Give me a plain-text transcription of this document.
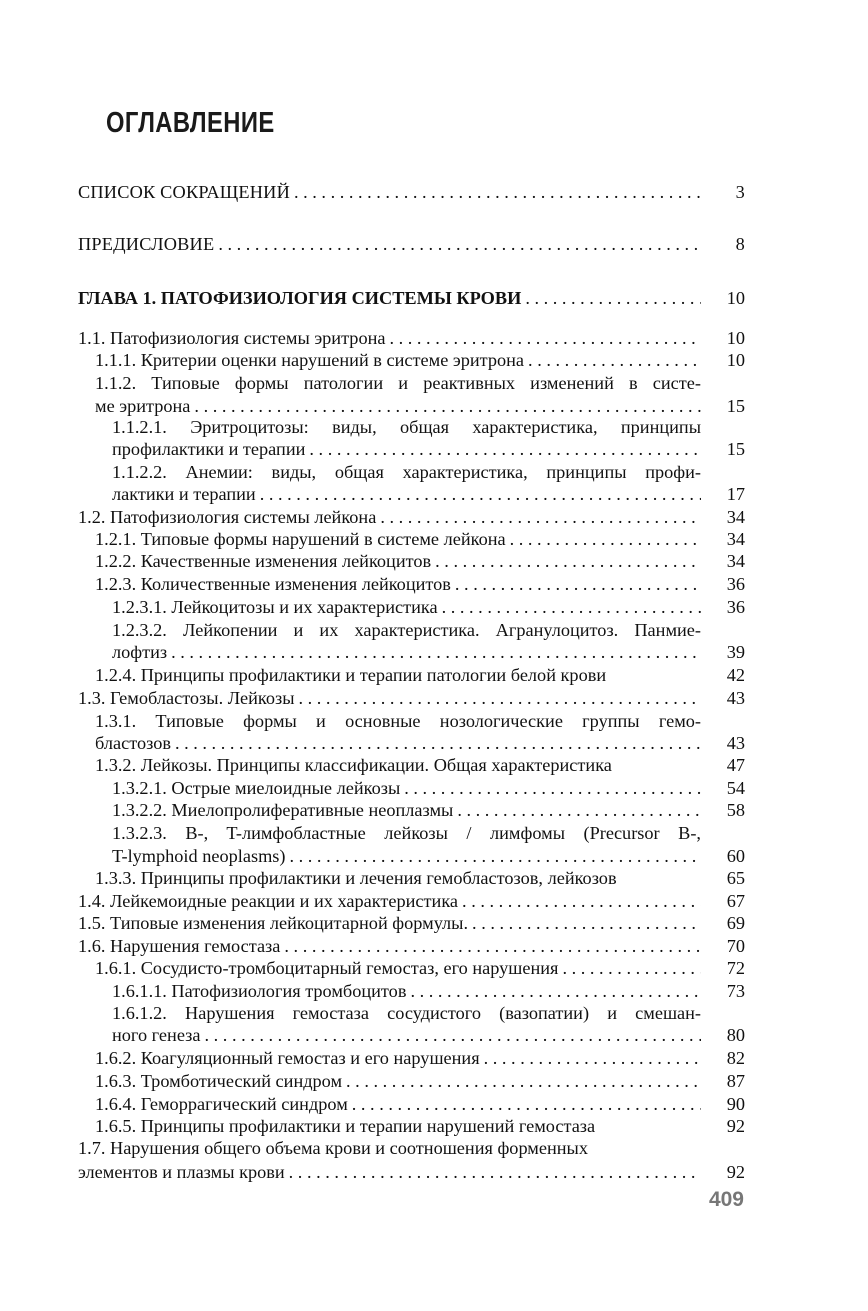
ОГЛАВЛЕНИЕ
СПИСОК СОКРАЩЕНИЙ . . .	3
ПРЕДИСЛОВИЕ . . .	8
ГЛАВА 1. ПАТОФИЗИОЛОГИЯ СИСТЕМЫ КРОВИ . . .	10
1.1. Патофизиология системы эритрона . . .	10
1.1.1. Критерии оценки нарушений в системе эритрона . . .	10
1.1.2. Типовые формы патологии и реактивных изменений в систе-
ме эритрона . . .	15
1.1.2.1. Эритроцитозы: виды, общая характеристика, принципы
профилактики и терапии . . .	15
1.1.2.2. Анемии: виды, общая характеристика, принципы профи-
лактики и терапии . . .	17
1.2. Патофизиология системы лейкона . . .	34
1.2.1. Типовые формы нарушений в системе лейкона . . .	34
1.2.2. Качественные изменения лейкоцитов . . .	34
1.2.3. Количественные изменения лейкоцитов . . .	36
1.2.3.1. Лейкоцитозы и их характеристика . . .	36
1.2.3.2. Лейкопении и их характеристика. Агранулоцитоз. Панмие-
лофтиз . . .	39
1.2.4. Принципы профилактики и терапии патологии белой крови	42
1.3. Гемобластозы. Лейкозы . . .	43
1.3.1. Типовые формы и основные нозологические группы гемо-
бластозов . . .	43
1.3.2. Лейкозы. Принципы классификации. Общая характеристика	47
1.3.2.1. Острые миелоидные лейкозы . . .	54
1.3.2.2. Миелопролиферативные неоплазмы . . .	58
1.3.2.3. B-, T-лимфобластные лейкозы / лимфомы (Precursor B-,
T-lymphoid neoplasms) . . .	60
1.3.3. Принципы профилактики и лечения гемобластозов, лейкозов	65
1.4. Лейкемоидные реакции и их характеристика . . .	67
1.5. Типовые изменения лейкоцитарной формулы. . . .	69
1.6. Нарушения гемостаза . . .	70
1.6.1. Сосудисто-тромбоцитарный гемостаз, его нарушения . . .	72
1.6.1.1. Патофизиология тромбоцитов . . .	73
1.6.1.2. Нарушения гемостаза сосудистого (вазопатии) и смешан-
ного генеза . . .	80
1.6.2. Коагуляционный гемостаз и его нарушения . . .	82
1.6.3. Тромботический синдром . . .	87
1.6.4. Геморрагический синдром . . .	90
1.6.5. Принципы профилактики и терапии нарушений гемостаза	92
1.7. Нарушения общего объема крови и соотношения форменных
элементов и плазмы крови . . .	92
409
